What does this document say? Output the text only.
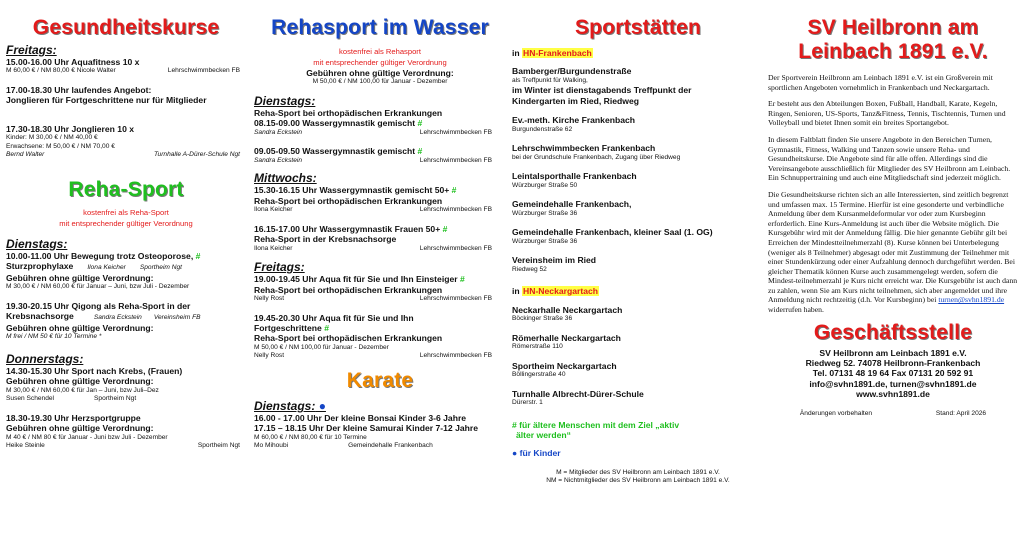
Gesundheitskurse

Freitags:

15.00-16.00 Uhr Aquafitness 10 x
M 60,00 € / NM 80,00 € Nicole Walter	Lehrschwimmbecken FB
17.00-18.30 Uhr laufendes Angebot:
Jonglieren für Fortgeschrittene nur für Mitglieder
17.30-18.30 Uhr Jonglieren 10 x
Kinder: M 30,00 € / NM 40,00 €
Erwachsene: M 50,00 € / NM 70,00 €
Bernd Walter	Turnhalle A-Dürer-Schule Ngt
Reha-Sport
kostenfrei als Reha-Sport
mit entsprechender gültiger Verordnung

Dienstags:

10.00-11.00 Uhr Bewegung trotz Osteoporose, #
Sturzprophylaxe Ilona Keicher Sportheim Ngt
Gebühren ohne gültige Verordnung:
M 30,00 € / NM 60,00 € für Januar – Juni, bzw Juli - Dezember
19.30-20.15 Uhr Qigong als Reha-Sport in der
Krebsnachsorge	Sandra Eckstein Vereinsheim FB
Gebühren ohne gültige Verordnung:
M frei / NM 50 € für 10 Termine *

Donnerstags:

14.30-15.30 Uhr Sport nach Krebs, (Frauen)
Gebühren ohne gültige Verordnung:
M 30,00 € / NM 60,00 € für Jan – Juni, bzw Juli–Dez
Susen Schendel	Sportheim Ngt
18.30-19.30 Uhr Herzsportgruppe
Gebühren ohne gültige Verordnung:
M 40 € / NM 80 € für Januar - Juni bzw Juli - Dezember
Heike Steinle	Sportheim Ngt
Rehasport im Wasser
kostenfrei als Rehasport
mit entsprechender gültiger Verordnung
Gebühren ohne gültige Verordnung:
M 50,00 € / NM 100,00 für Januar - Dezember

Dienstags:

Reha-Sport bei orthopädischen Erkrankungen
08.15-09.00 Wassergymnastik gemischt #
Sandra Eckstein	Lehrschwimmbecken FB
09.05-09.50 Wassergymnastik gemischt #
Sandra Eckstein	Lehrschwimmbecken FB

Mittwochs:

15.30-16.15 Uhr Wassergymnastik gemischt 50+ #
Reha-Sport bei orthopädischen Erkrankungen
Ilona Keicher	Lehrschwimmbecken FB
16.15-17.00 Uhr Wassergymnastik Frauen 50+ #
Reha-Sport in der Krebsnachsorge
Ilona Keicher	Lehrschwimmbecken FB

Freitags:

19.00-19.45 Uhr Aqua fit für Sie und Ihn Einsteiger #
Reha-Sport bei orthopädischen Erkrankungen
Nelly Rost	Lehrschwimmbecken FB
19.45-20.30 Uhr Aqua fit für Sie und Ihn
Fortgeschrittene #
Reha-Sport bei orthopädischen Erkrankungen
M 50,00 € / NM 100,00 für Januar - Dezember
Nelly Rost	Lehrschwimmbecken FB
Karate

Dienstags: ●

16.00 - 17.00 Uhr Der kleine Bonsai Kinder 3-6 Jahre
17.15 – 18.15 Uhr Der kleine Samurai Kinder 7-12 Jahre
M 60,00 € / NM 80,00 € für 10 Termine
Mo Mihoubi	Gemeindehalle Frankenbach
Sportstätten
in HN-Frankenbach
Bamberger/Burgundenstraße
als Treffpunkt für Walking,
im Winter ist dienstagabends Treffpunkt der
Kindergarten im Ried, Riedweg
Ev.-meth. Kirche Frankenbach
Burgundenstraße 62
Lehrschwimmbecken Frankenbach
bei der Grundschule Frankenbach, Zugang über Riedweg
Leintalsporthalle Frankenbach
Würzburger Straße 50
Gemeindehalle Frankenbach,
Würzburger Straße 36
Gemeindehalle Frankenbach, kleiner Saal (1. OG)
Würzburger Straße 36
Vereinsheim im Ried
Riedweg 52
in HN-Neckargartach
Neckarhalle Neckargartach
Böckinger Straße 36
Römerhalle Neckargartach
Römerstraße 110
Sportheim Neckargartach
Böllingerstraße 40
Turnhalle Albrecht-Dürer-Schule
Dürerstr. 1
# für ältere Menschen mit dem Ziel „aktiv
älter werden“
● für Kinder
M = Mitglieder des SV Heilbronn am Leinbach 1891 e.V.
NM = Nichtmitglieder des SV Heilbronn am Leinbach 1891 e.V.
SV Heilbronn am
Leinbach 1891 e.V.

Der Sportverein Heilbronn am Leinbach 1891 e.V. ist ein Großverein mit sportlichen Angeboten vornehmlich in Frankenbach und Neckargartach.

Er besteht aus den Abteilungen Boxen, Fußball, Handball, Karate, Kegeln, Ringen, Senioren, US-Sports, Tanz&Fitness, Tennis, Tischtennis, Turnen und Volleyball und bietet Ihnen somit ein breites Sportangebot.

In diesem Faltblatt finden Sie unsere Angebote in den Bereichen Turnen, Gymnastik, Fitness, Walking und Tanzen sowie unsere Reha- und Gesundheitskurse. Die Angebote sind für alle offen. Allerdings sind die Vereinsangebote ausschließlich für Mitglieder des SV Heilbronn am Leinbach. Ein Schnuppertraining und auch eine Mitgliedschaft sind jederzeit möglich.

Die Gesundheitskurse richten sich an alle Interessierten, sind zeitlich begrenzt und umfassen max. 15 Termine. Hierfür ist eine gesonderte und verbindliche Anmeldung über dem Kursanmeldeformular vor oder zum Kursbeginn erforderlich. Eine Kurs-Anmeldung ist auch über die Website möglich. Die Kursgebühr wird mit der Anmeldung fällig. Die hier genannte Gebühr gilt bei Erreichen der Mindestteilnehmerzahl (8). Kurse können bei Unterbelegung (weniger als 8 Teilnehmer) abgesagt oder mit Zustimmung der Teilnehmer mit einer Stundenkürzung oder einer Aufzahlung dennoch durchgeführt werden. Bei gleicher Thematik können Kurse auch zusammengelegt werden, sofern die Mindest-teilnehmerzahl je Kurs nicht erreicht war. Die Kursgebühr ist auch dann zu zahlen, wenn Sie am Kurs nicht teilnehmen, sich aber angemeldet und ihre Anmeldung nicht rechtzeitig (d.h. Vor Kursbeginn) bei turnen@svhn1891.de widerrufen haben.

Geschäftsstelle
SV Heilbronn am Leinbach 1891 e.V.
Riedweg 52. 74078 Heilbronn-Frankenbach
Tel. 07131 48 19 64 Fax 07131 20 592 91
info@svhn1891.de, turnen@svhn1891.de
www.svhn1891.de
Änderungen vorbehalten	Stand: April 2026
